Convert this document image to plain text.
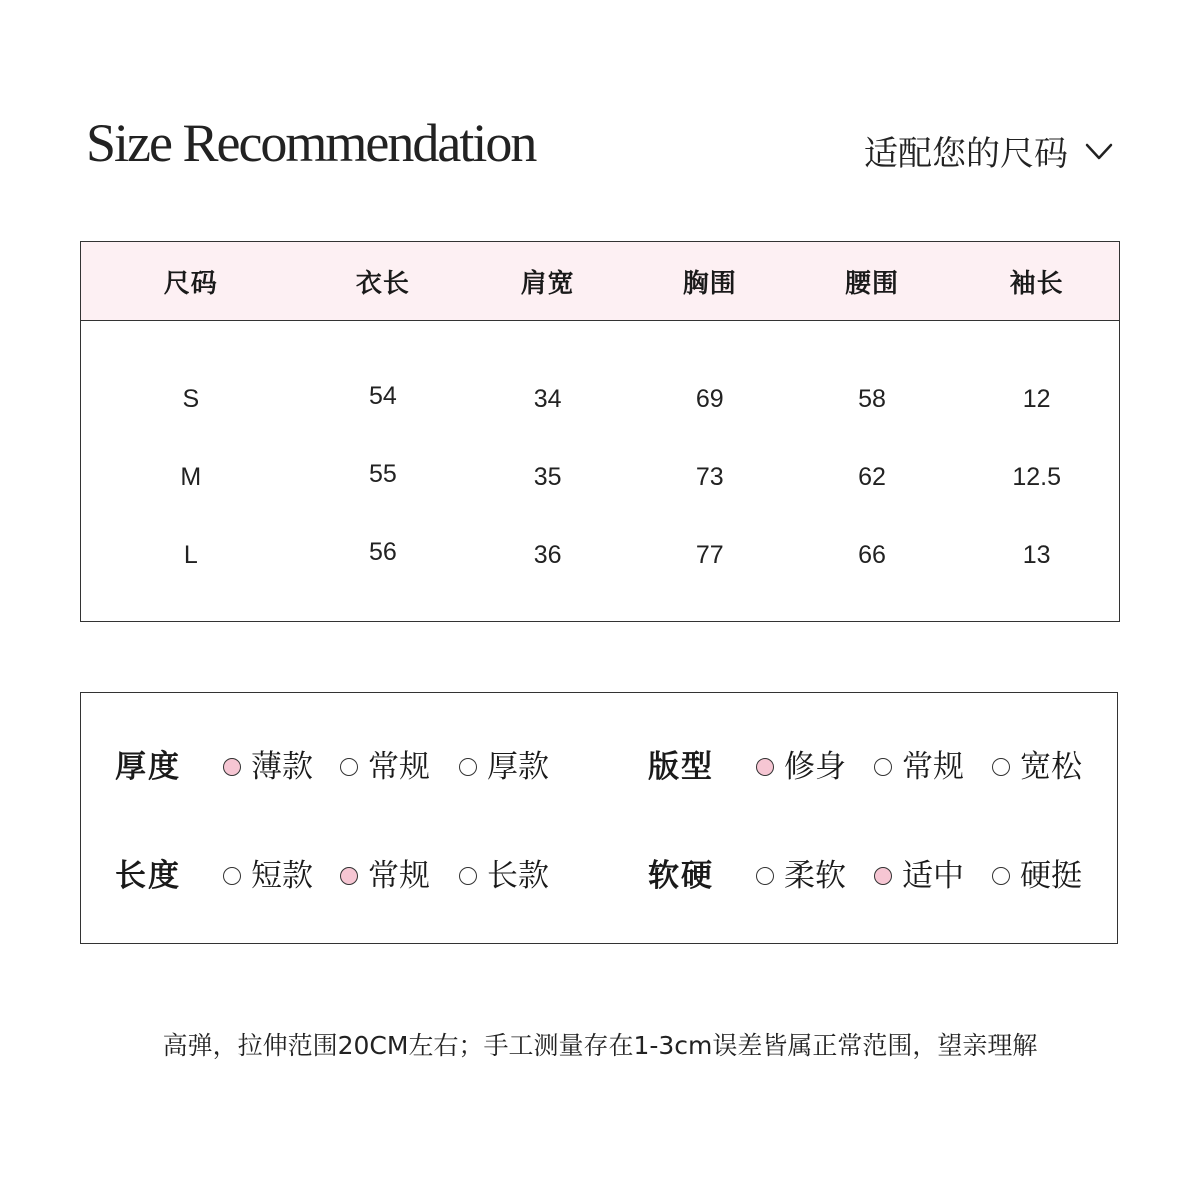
Size Recommendation	适配您的尺码
尺码	衣长	肩宽	胸围	腰围	袖长
S	54	34	69	58	12
M	55	35	73	62	12.5
L	56	36	77	66	13
厚度 薄款 常规 厚款	版型 修身 常规 宽松
长度 短款 常规 长款	软硬 柔软 适中 硬挺
高弹，拉伸范围20CM左右；手工测量存在1-3cm误差皆属正常范围，望亲理解
